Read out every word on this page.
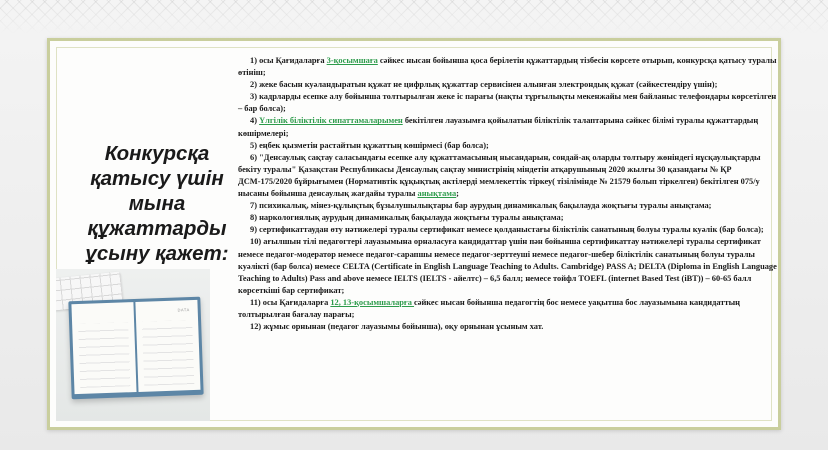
Конкурсқа
қатысу үшін
мына
құжаттарды
ұсыну қажет:
DATA

1) осы Қағидаларға 3-қосымшаға сәйкес нысан бойынша қоса берілетін құжаттардың тізбесін көрсете отырып, конкурсқа қатысу туралы өтініш;

2) жеке басын куәландыратын құжат не цифрлық құжаттар сервисінен алынған электрондық құжат (сәйкестендіру үшін);

3) кадрларды есепке алу бойынша толтырылған жеке іс парағы (нақты тұрғылықты мекенжайы мен байланыс телефондары көрсетілген – бар болса);

4) Үлгілік біліктілік сипаттамаларымен бекітілген лауазымға қойылатын біліктілік талаптарына сәйкес білімі туралы құжаттардың көшірмелері;

5) еңбек қызметін растайтын құжаттың көшірмесі (бар болса);

6) "Денсаулық сақтау саласындағы есепке алу құжаттамасының нысандарын, сондай-ақ оларды толтыру жөніндегі нұсқаулықтарды бекіту туралы" Қазақстан Республикасы Денсаулық сақтау министрінің міндетін атқарушының 2020 жылғы 30 қазандағы № ҚР ДСМ-175/2020 бұйрығымен (Нормативтік құқықтық актілерді мемлекеттік тіркеу( тізілімінде № 21579 болып тіркелген) бекітілген 075/у нысаны бойынша денсаулық жағдайы туралы анықтама;

7) психикалық, мінез-құлықтық бұзылушылықтары бар аурудың динамикалық бақылауда жоқтығы туралы анықтама;

8) наркологиялық аурудың динамикалық бақылауда жоқтығы туралы анықтама;

9) сертификаттаудан өту нәтижелері туралы сертификат немесе қолданыстағы біліктілік санатының болуы туралы куәлік (бар болса);

10) ағылшын тілі педагогтері лауазымына орналасуға кандидаттар үшін пән бойынша сертификаттау нәтижелері туралы сертификат немесе педагог-модератор немесе педагог-сарапшы немесе педагог-зерттеуші немесе педагог-шебер біліктілік санатының болуы туралы куәлікті (бар болса) немесе CELTA (Certificate in English Language Teaching to Adults. Cambridge) PASS A; DELTA (Diploma in English Language Teaching to Adults) Pass and above немесе IELTS (IELTS - айелтс) – 6,5 балл; немесе тойфл TOEFL (internet Based Test (iBT)) – 60-65 балл көрсеткіші бар сертификат;

11) осы Қағидаларға 12, 13-қосымшаларға сәйкес нысан бойынша педагогтің бос немесе уақытша бос лауазымына кандидаттың толтырылған бағалау парағы;

12) жұмыс орнынан (педагог лауазымы бойынша), оқу орнынан ұсыным хат.
